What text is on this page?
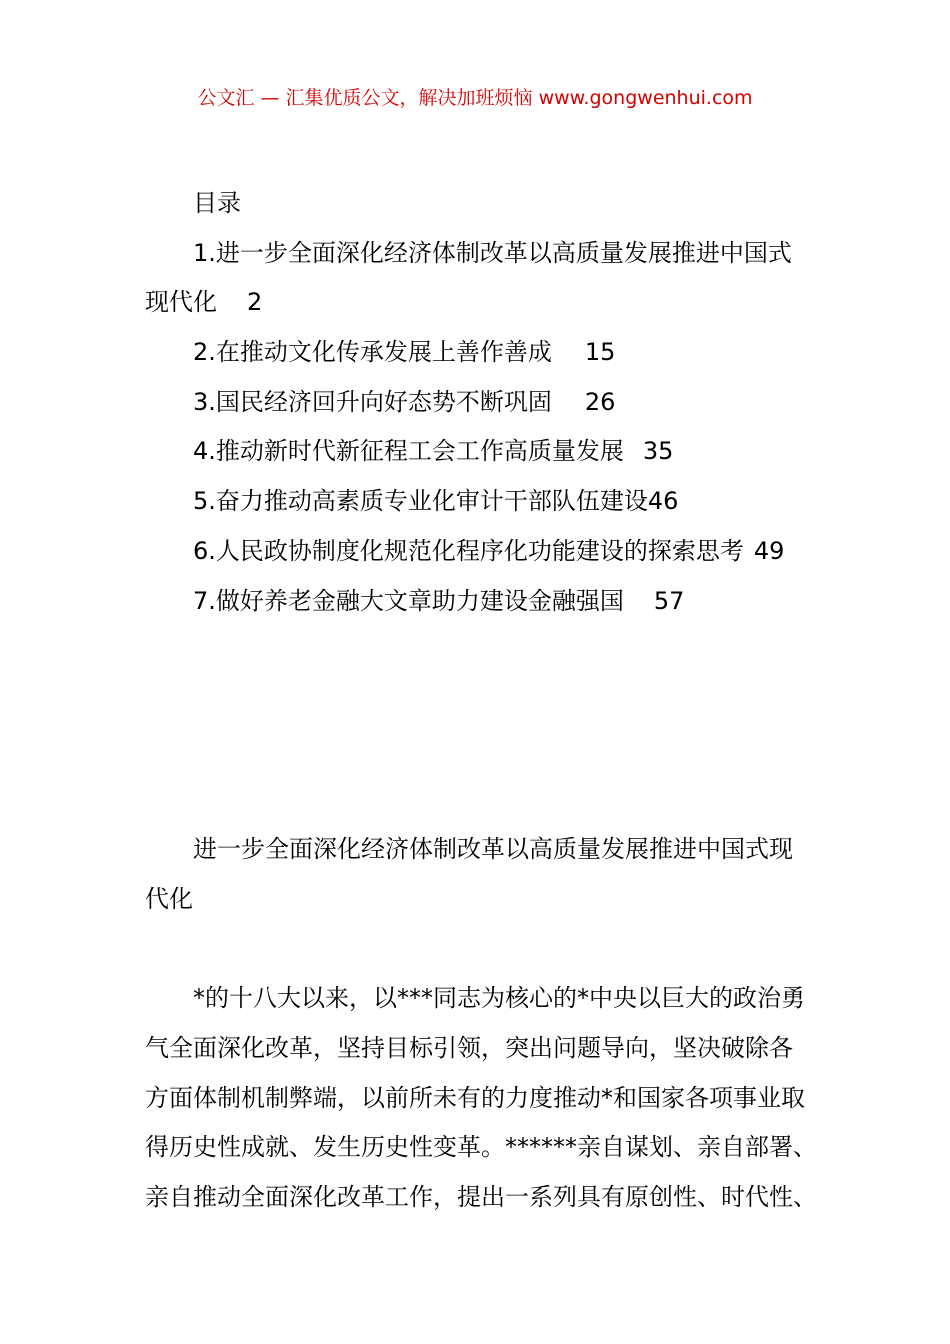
公文汇 — 汇集优质公文，解决加班烦恼 www.gongwenhui.com
目录
1.进一步全面深化经济体制改革以高质量发展推进中国式
现代化 2
2.在推动文化传承发展上善作善成 15
3.国民经济回升向好态势不断巩固 26
4.推动新时代新征程工会工作高质量发展 35
5.奋力推动高素质专业化审计干部队伍建设46
6.人民政协制度化规范化程序化功能建设的探索思考 49
7.做好养老金融大文章助力建设金融强国 57
进一步全面深化经济体制改革以高质量发展推进中国式现
代化
*的十八大以来，以***同志为核心的*中央以巨大的政治勇
气全面深化改革，坚持目标引领，突出问题导向，坚决破除各
方面体制机制弊端，以前所未有的力度推动*和国家各项事业取
得历史性成就、发生历史性变革。******亲自谋划、亲自部署、
亲自推动全面深化改革工作，提出一系列具有原创性、时代性、
